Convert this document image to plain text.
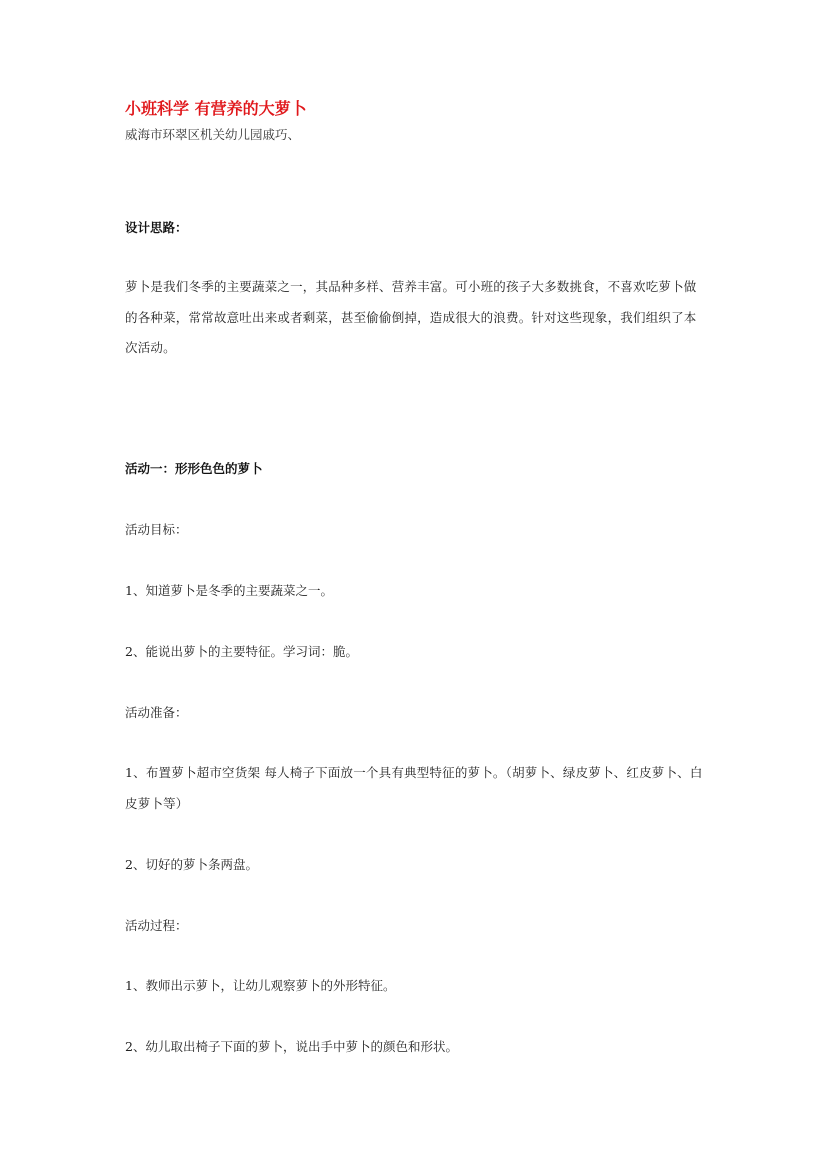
小班科学 有营养的大萝卜
威海市环翠区机关幼儿园戚巧、
设计思路：
萝卜是我们冬季的主要蔬菜之一，其品种多样、营养丰富。可小班的孩子大多数挑食，不喜欢吃萝卜做的各种菜，常常故意吐出来或者剩菜，甚至偷偷倒掉，造成很大的浪费。针对这些现象，我们组织了本次活动。
活动一：形形色色的萝卜
活动目标：
1、知道萝卜是冬季的主要蔬菜之一。
2、能说出萝卜的主要特征。学习词：脆。
活动准备：
1、布置萝卜超市空货架 每人椅子下面放一个具有典型特征的萝卜。（胡萝卜、绿皮萝卜、红皮萝卜、白皮萝卜等）
2、切好的萝卜条两盘。
活动过程：
1、教师出示萝卜，让幼儿观察萝卜的外形特征。
2、幼儿取出椅子下面的萝卜，说出手中萝卜的颜色和形状。
